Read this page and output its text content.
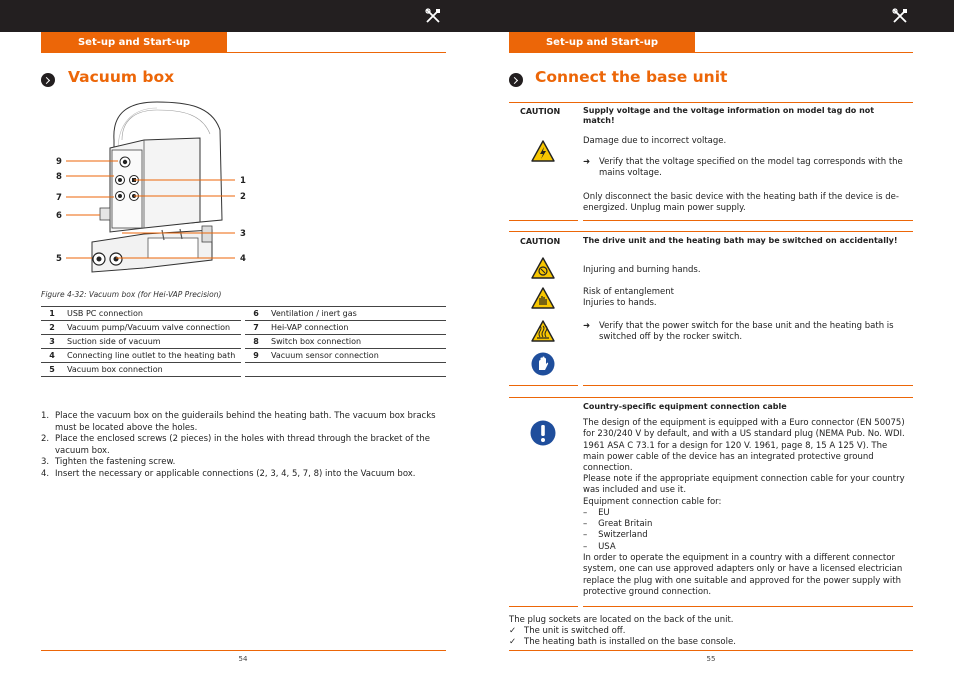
Set-up and Start-up
Vacuum box
9
8
7
6
5
1
2
3
4
Figure 4-32: Vacuum box (for Hei-VAP Precision)
1	USB PC connection		6	Ventilation / inert gas
2	Vacuum pump/Vacuum valve connection		7	Hei-VAP connection
3	Suction side of vacuum		8	Switch box connection
4	Connecting line outlet to the heating bath		9	Vacuum sensor connection
5	Vacuum box connection			
1. Place the vacuum box on the guiderails behind the heating bath. The vacuum box bracks must be located above the holes.
2. Place the enclosed screws (2 pieces) in the holes with thread through the bracket of the vacuum box.
3. Tighten the fastening screw.
4. Insert the necessary or applicable connections (2, 3, 4, 5, 7, 8) into the Vacuum box.
54
Set-up and Start-up
Connect the base unit
CAUTION	Supply voltage and the voltage information on model tag do not match!
Damage due to incorrect voltage.
➜ Verify that the voltage specified on the model tag corresponds with the mains voltage.
Only disconnect the basic device with the heating bath if the device is de-energized. Unplug main power supply.
CAUTION	The drive unit and the heating bath may be switched on accidentally!
Injuring and burning hands.
Risk of entanglement
Injuries to hands.
➜ Verify that the power switch for the base unit and the heating bath is switched off by the rocker switch.
Country-specific equipment connection cable
The design of the equipment is equipped with a Euro connector (EN 50075) for 230/240 V by default, and with a US standard plug (NEMA Pub. No. WDI. 1961 ASA C 73.1 for a design for 120 V. 1961, page 8, 15 A 125 V). The main power cable of the device has an integrated protective ground connection.
Please note if the appropriate equipment connection cable for your country was included and use it.
Equipment connection cable for:
–    EU
–    Great Britain
–    Switzerland
–    USA
In order to operate the equipment in a country with a different connector system, one can use approved adapters only or have a licensed electrician replace the plug with one suitable and approved for the power supply with protective ground connection.
The plug sockets are located on the back of the unit.
✓ The unit is switched off.
✓ The heating bath is installed on the base console.
55
